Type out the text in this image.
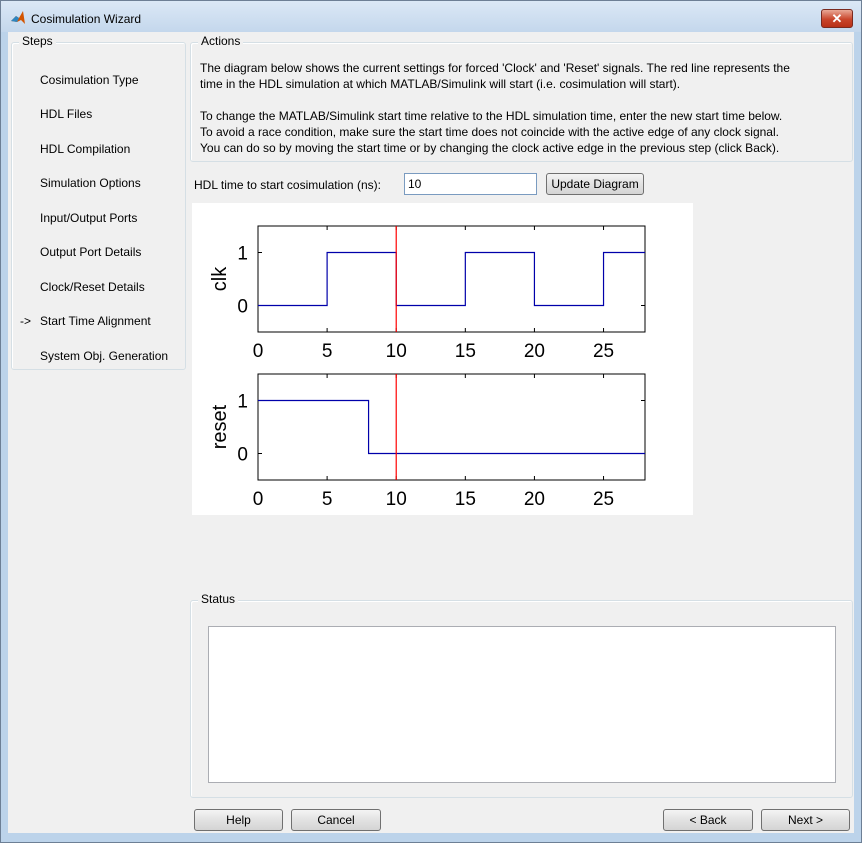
Cosimulation Wizard	✕
Steps
->
Cosimulation Type
HDL Files
HDL Compilation
Simulation Options
Input/Output Ports
Output Port Details
Clock/Reset Details
Start Time Alignment
System Obj. Generation
Actions
The diagram below shows the current settings for forced 'Clock' and 'Reset' signals. The red line represents the
time in the HDL simulation at which MATLAB/Simulink will start (i.e. cosimulation will start).
To change the MATLAB/Simulink start time relative to the HDL simulation time, enter the new start time below.
To avoid a race condition, make sure the start time does not coincide with the active edge of any clock signal.
You can do so by moving the start time or by changing the clock active edge in the previous step (click Back).
HDL time to start cosimulation (ns):
10	Update Diagram
0	5	10	15	20	25
0
1
clk
0	5	10	15	20	25
0
1
reset
Status
Help	Cancel	< Back	Next >
